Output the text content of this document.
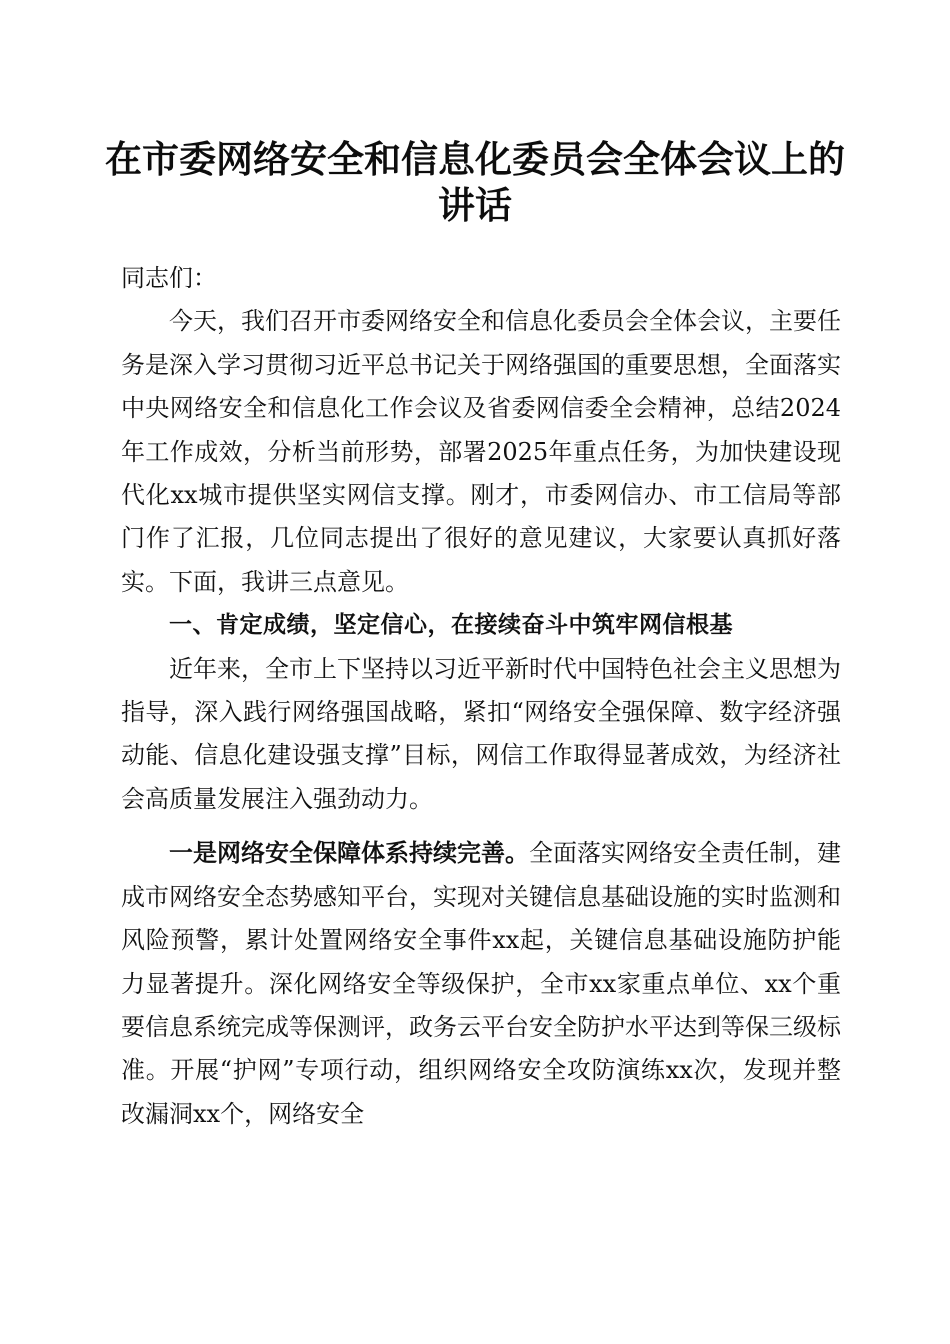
在市委网络安全和信息化委员会全体会议上的
讲话

同志们：

今天，我们召开市委网络安全和信息化委员会全体会议，主要任务是深入学习贯彻习近平总书记关于网络强国的重要思想，全面落实中央网络安全和信息化工作会议及省委网信委全会精神，总结2024年工作成效，分析当前形势，部署2025年重点任务，为加快建设现代化xx城市提供坚实网信支撑。刚才，市委网信办、市工信局等部门作了汇报，几位同志提出了很好的意见建议，大家要认真抓好落实。下面，我讲三点意见。

一、肯定成绩，坚定信心，在接续奋斗中筑牢网信根基

近年来，全市上下坚持以习近平新时代中国特色社会主义思想为指导，深入践行网络强国战略，紧扣“网络安全强保障、数字经济强动能、信息化建设强支撑”目标，网信工作取得显著成效，为经济社会高质量发展注入强劲动力。

一是网络安全保障体系持续完善。全面落实网络安全责任制，建成市网络安全态势感知平台，实现对关键信息基础设施的实时监测和风险预警，累计处置网络安全事件xx起，关键信息基础设施防护能力显著提升。深化网络安全等级保护，全市xx家重点单位、xx个重要信息系统完成等保测评，政务云平台安全防护水平达到等保三级标准。开展“护网”专项行动，组织网络安全攻防演练xx次，发现并整改漏洞xx个，网络安全
